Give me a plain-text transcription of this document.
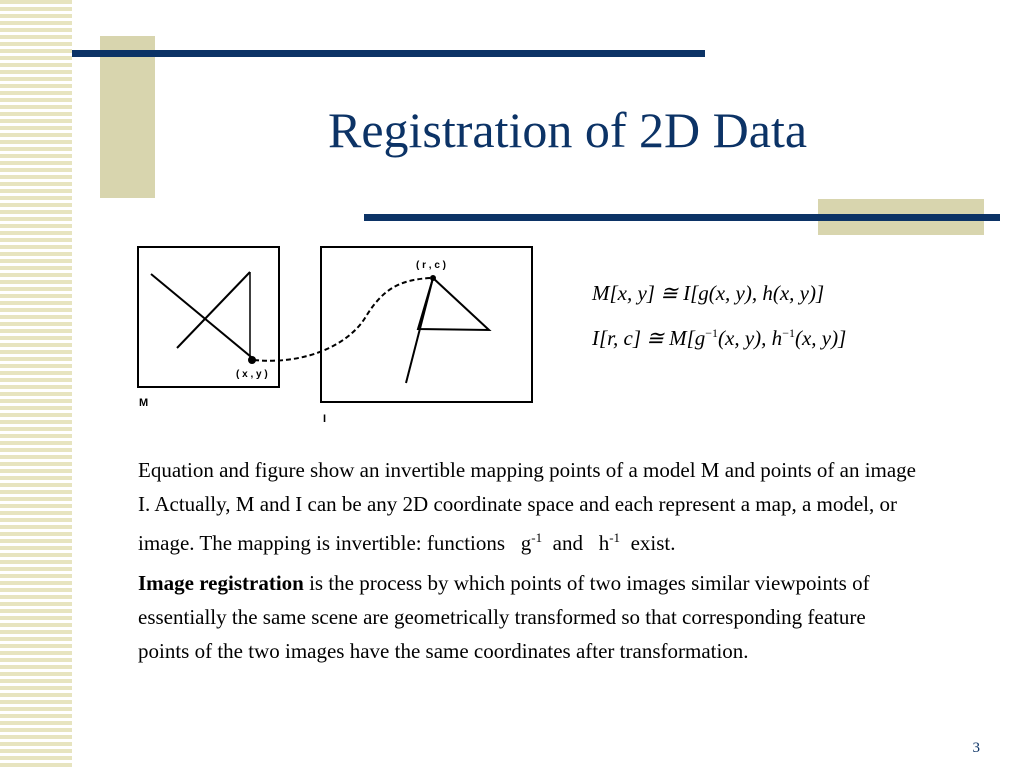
Registration of 2D Data
( x , y )
M
( r , c )
I
M[x, y] ≅ I[g(x, y), h(x, y)]
I[r, c] ≅ $M[g^{-1}(x$, y), $h^{-1}(x$, y)]

Equation and figure show an invertible mapping points of a model M and points of an image I. Actually, M and I can be any 2D coordinate space and each represent a map, a model, or image. The mapping is invertible: functions $g^{-1}$ and $h^{-1}$ exist.

Image registration is the process by which points of two images similar viewpoints of essentially the same scene are geometrically transformed so that corresponding feature points of the two images have the same coordinates after transformation.

3
